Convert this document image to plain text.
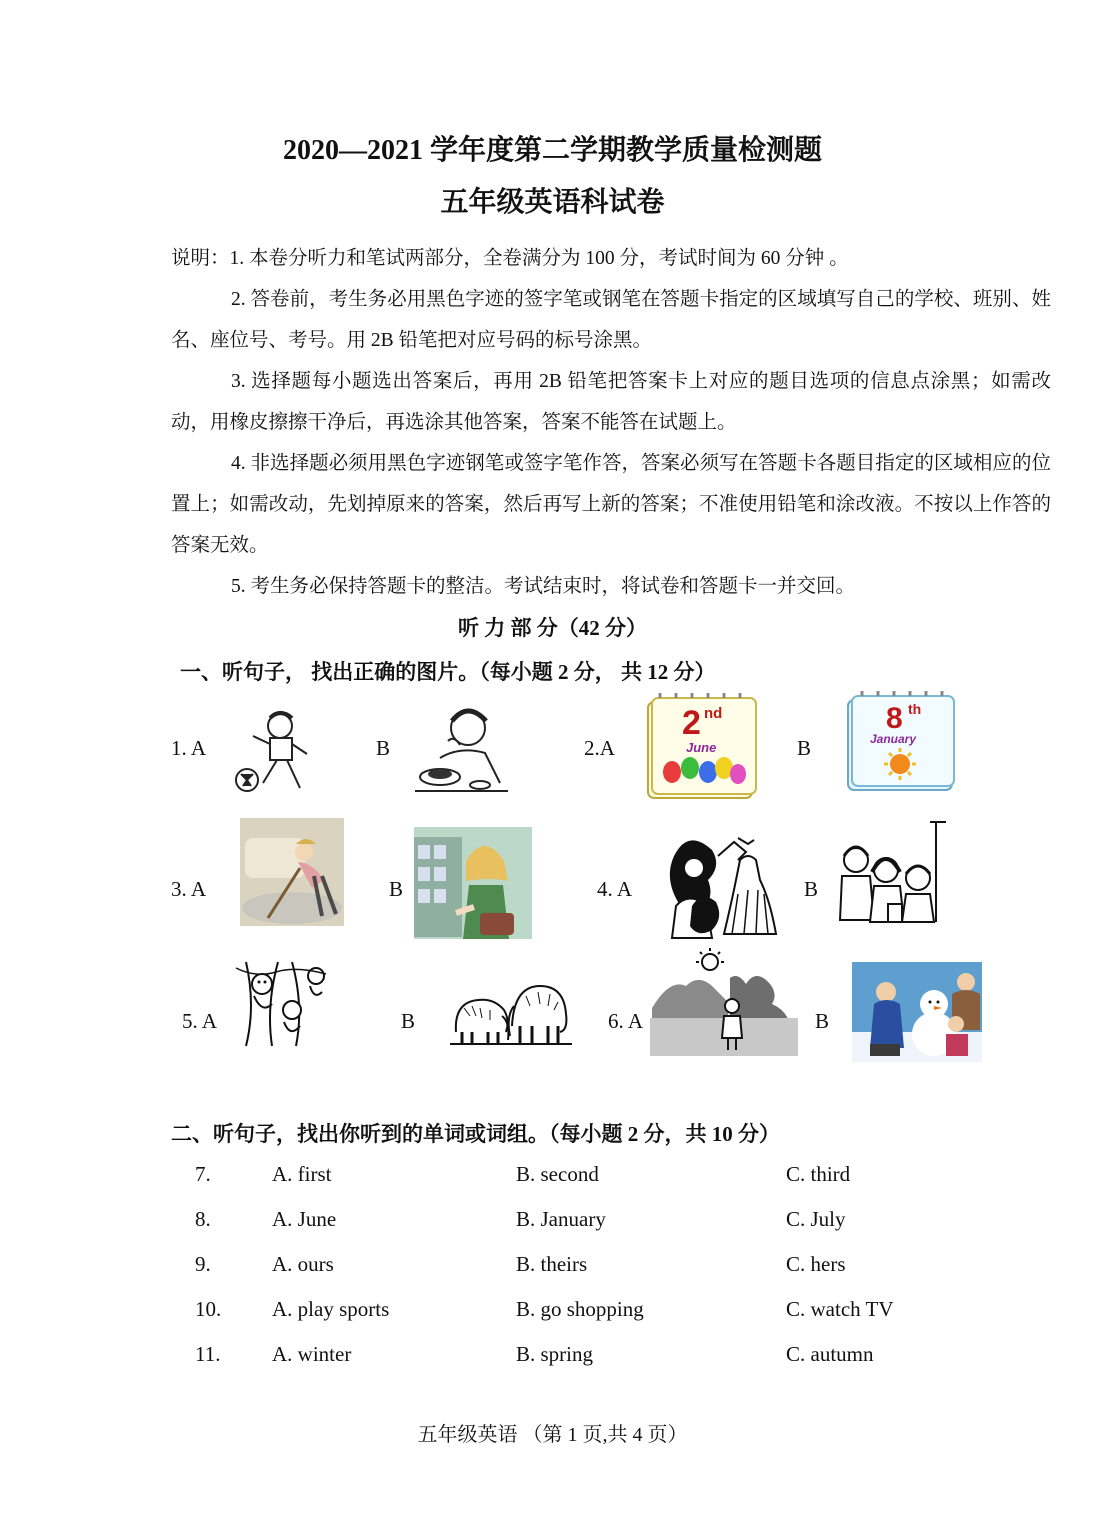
2020—2021 学年度第二学期教学质量检测题
五年级英语科试卷

说明：1. 本卷分听力和笔试两部分，全卷满分为 100 分，考试时间为 60 分钟 。

2. 答卷前，考生务必用黑色字迹的签字笔或钢笔在答题卡指定的区域填写自己的学校、班别、姓名、座位号、考号。用 2B 铅笔把对应号码的标号涂黑。

3. 选择题每小题选出答案后，再用 2B 铅笔把答案卡上对应的题目选项的信息点涂黑；如需改动，用橡皮擦擦干净后，再选涂其他答案，答案不能答在试题上。

4. 非选择题必须用黑色字迹钢笔或签字笔作答，答案必须写在答题卡各题目指定的区域相应的位置上；如需改动，先划掉原来的答案，然后再写上新的答案；不准使用铅笔和涂改液。不按以上作答的答案无效。

5. 考生务必保持答题卡的整洁。考试结束时，将试卷和答题卡一并交回。

听 力 部 分（42 分）
一、听句子， 找出正确的图片。（每小题 2 分， 共 12 分）
1. A	B	2.A
2 nd
June	B
8 th
January
3. A	B	4. A	B
5. A	B	6. A	B
二、听句子，找出你听到的单词或词组。（每小题 2 分，共 10 分）
7.	A. first	B. second	C. third
8.	A. June	B. January	C. July
9.	A. ours	B. theirs	C. hers
10. A. play sports	B. go shopping	C. watch TV
11. A. winter	B. spring	C. autumn
五年级英语 （第 1 页,共 4 页）
